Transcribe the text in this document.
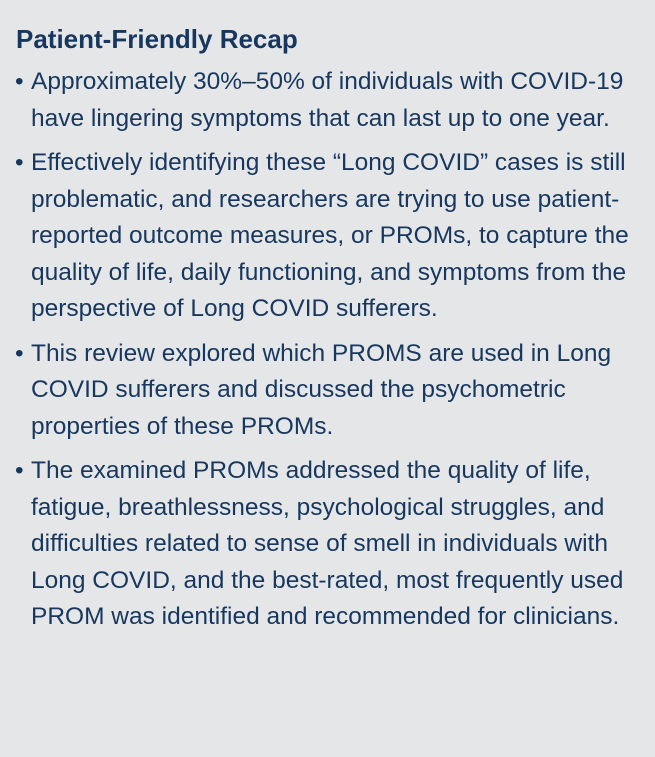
Patient-Friendly Recap
• Approximately 30%–50% of individuals with COVID-19 have lingering symptoms that can last up to one year.
• Effectively identifying these “Long COVID” cases is still problematic, and researchers are trying to use patient-reported outcome measures, or PROMs, to capture the quality of life, daily functioning, and symptoms from the perspective of Long COVID sufferers.
• This review explored which PROMS are used in Long COVID sufferers and discussed the psychometric properties of these PROMs.
• The examined PROMs addressed the quality of life, fatigue, breathlessness, psychological struggles, and difficulties related to sense of smell in individuals with Long COVID, and the best-rated, most frequently used PROM was identified and recommended for clinicians.
